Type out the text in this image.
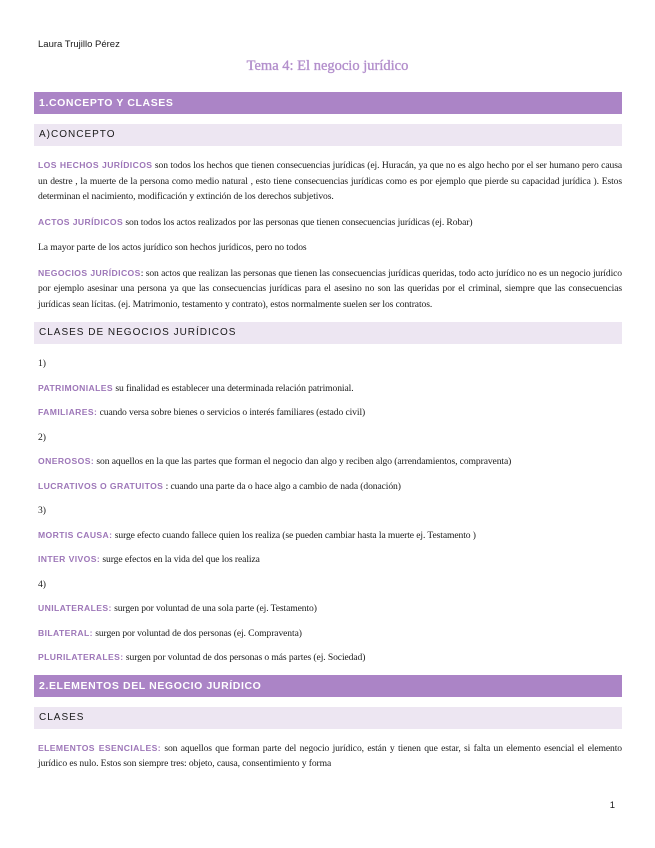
Laura Trujillo Pérez
Tema 4: El negocio jurídico
1.CONCEPTO Y CLASES
A)CONCEPTO

LOS HECHOS JURÍDICOS son todos los hechos que tienen consecuencias jurídicas (ej. Huracán, ya que no es algo hecho por el ser humano pero causa un destre , la muerte de la persona como medio natural , esto tiene consecuencias jurídicas como es por ejemplo que pierde su capacidad jurídica ). Estos determinan el nacimiento, modificación y extinción de los derechos subjetivos.

ACTOS JURÍDICOS son todos los actos realizados por las personas que tienen consecuencias jurídicas (ej. Robar)

La mayor parte de los actos jurídico son hechos jurídicos, pero no todos

NEGOCIOS JURÍDICOS: son actos que realizan las personas que tienen las consecuencias jurídicas queridas, todo acto jurídico no es un negocio jurídico por ejemplo asesinar una persona ya que las consecuencias jurídicas para el asesino no son las queridas por el criminal, siempre que las consecuencias jurídicas sean lícitas. (ej. Matrimonio, testamento y contrato), estos normalmente suelen ser los contratos.

CLASES DE NEGOCIOS JURÍDICOS

1)

PATRIMONIALES su finalidad es establecer una determinada relación patrimonial.

FAMILIARES: cuando versa sobre bienes o servicios o interés familiares (estado civil)

2)

ONEROSOS: son aquellos en la que las partes que forman el negocio dan algo y reciben algo (arrendamientos, compraventa)

LUCRATIVOS O GRATUITOS : cuando una parte da o hace algo a cambio de nada (donación)

3)

MORTIS CAUSA: surge efecto cuando fallece quien los realiza (se pueden cambiar hasta la muerte ej. Testamento )

INTER VIVOS: surge efectos en la vida del que los realiza

4)

UNILATERALES: surgen por voluntad de una sola parte (ej. Testamento)

BILATERAL: surgen por voluntad de dos personas (ej. Compraventa)

PLURILATERALES: surgen por voluntad de dos personas o más partes (ej. Sociedad)

2.ELEMENTOS DEL NEGOCIO JURÍDICO
CLASES

ELEMENTOS ESENCIALES: son aquellos que forman parte del negocio jurídico, están y tienen que estar, si falta un elemento esencial el elemento jurídico es nulo. Estos son siempre tres: objeto, causa, consentimiento y forma

1
